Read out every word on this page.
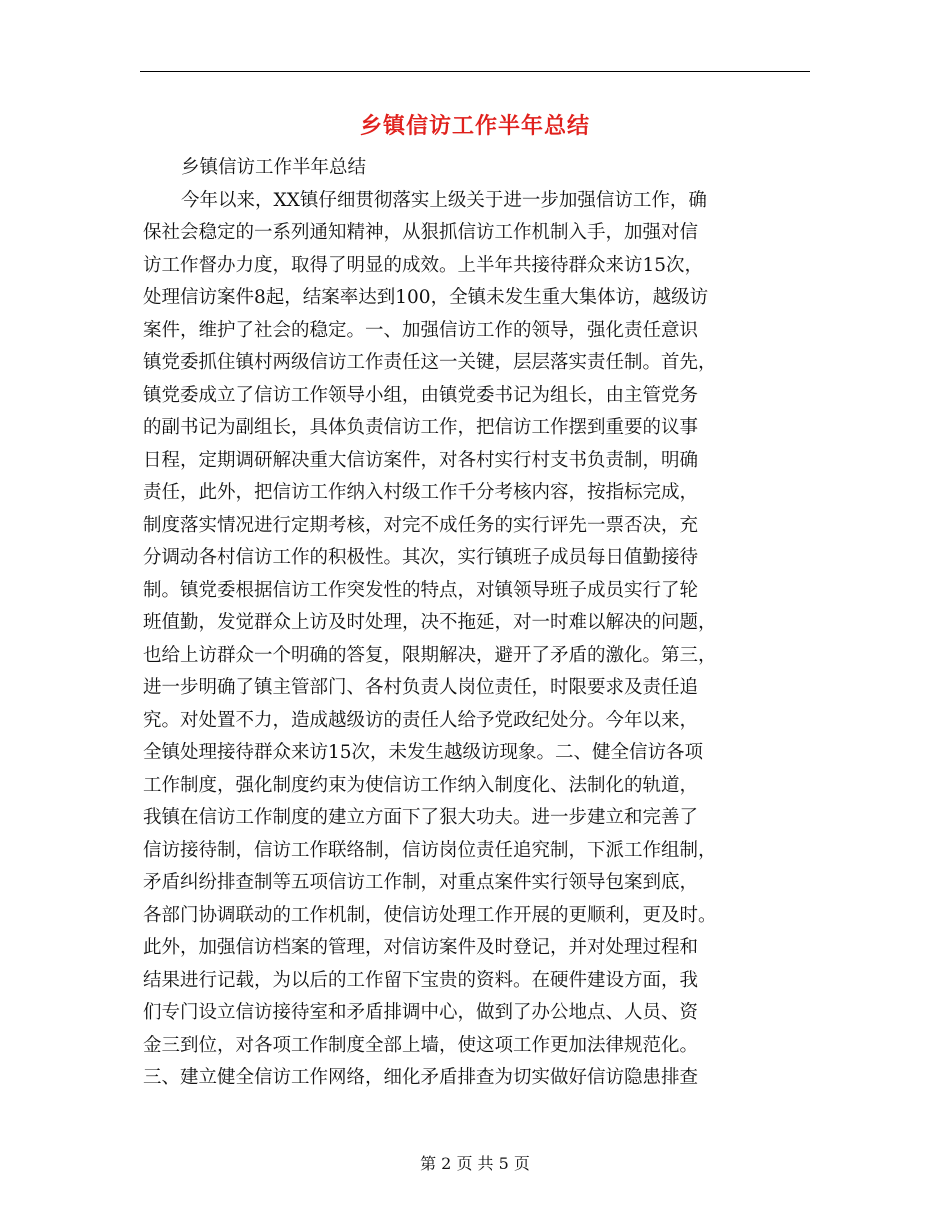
乡镇信访工作半年总结
乡镇信访工作半年总结
今年以来，XX镇仔细贯彻落实上级关于进一步加强信访工作，确
保社会稳定的一系列通知精神，从狠抓信访工作机制入手，加强对信
访工作督办力度，取得了明显的成效。上半年共接待群众来访15次，
处理信访案件8起，结案率达到100，全镇未发生重大集体访，越级访
案件，维护了社会的稳定。一、加强信访工作的领导，强化责任意识
镇党委抓住镇村两级信访工作责任这一关键，层层落实责任制。首先，
镇党委成立了信访工作领导小组，由镇党委书记为组长，由主管党务
的副书记为副组长，具体负责信访工作，把信访工作摆到重要的议事
日程，定期调研解决重大信访案件，对各村实行村支书负责制，明确
责任，此外，把信访工作纳入村级工作千分考核内容，按指标完成，
制度落实情况进行定期考核，对完不成任务的实行评先一票否决，充
分调动各村信访工作的积极性。其次，实行镇班子成员每日值勤接待
制。镇党委根据信访工作突发性的特点，对镇领导班子成员实行了轮
班值勤，发觉群众上访及时处理，决不拖延，对一时难以解决的问题，
也给上访群众一个明确的答复，限期解决，避开了矛盾的激化。第三，
进一步明确了镇主管部门、各村负责人岗位责任，时限要求及责任追
究。对处置不力，造成越级访的责任人给予党政纪处分。今年以来，
全镇处理接待群众来访15次，未发生越级访现象。二、健全信访各项
工作制度，强化制度约束为使信访工作纳入制度化、法制化的轨道，
我镇在信访工作制度的建立方面下了狠大功夫。进一步建立和完善了
信访接待制，信访工作联络制，信访岗位责任追究制，下派工作组制，
矛盾纠纷排查制等五项信访工作制，对重点案件实行领导包案到底，
各部门协调联动的工作机制，使信访处理工作开展的更顺利，更及时。
此外，加强信访档案的管理，对信访案件及时登记，并对处理过程和
结果进行记载，为以后的工作留下宝贵的资料。在硬件建设方面，我
们专门设立信访接待室和矛盾排调中心，做到了办公地点、人员、资
金三到位，对各项工作制度全部上墙，使这项工作更加法律规范化。
三、建立健全信访工作网络，细化矛盾排查为切实做好信访隐患排查
第 2 页 共 5 页
